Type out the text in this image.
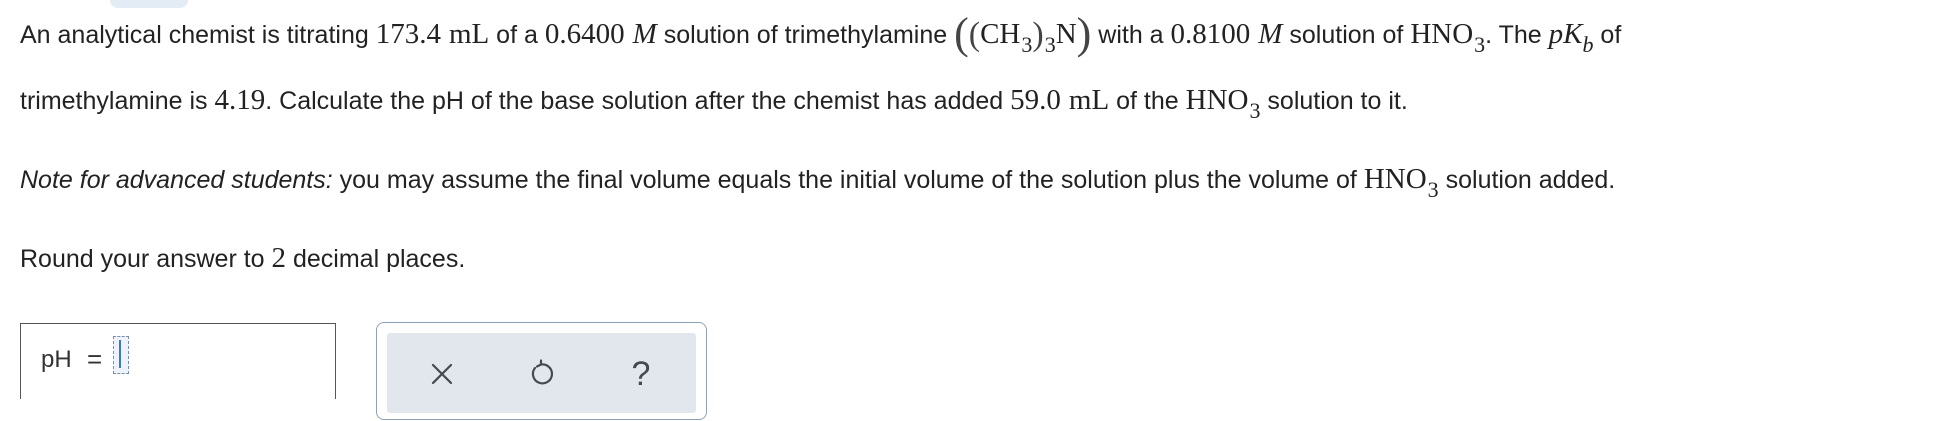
An analytical chemist is titrating 173.4 mL of a 0.6400 M solution of trimethylamine ((CH3)3N) with a 0.8100 M solution of HNO3. The pKb of
trimethylamine is 4.19. Calculate the pH of the base solution after the chemist has added 59.0 mL of the HNO3 solution to it.
Note for advanced students: you may assume the final volume equals the initial volume of the solution plus the volume of HNO3 solution added.
Round your answer to 2 decimal places.
pH =	?
